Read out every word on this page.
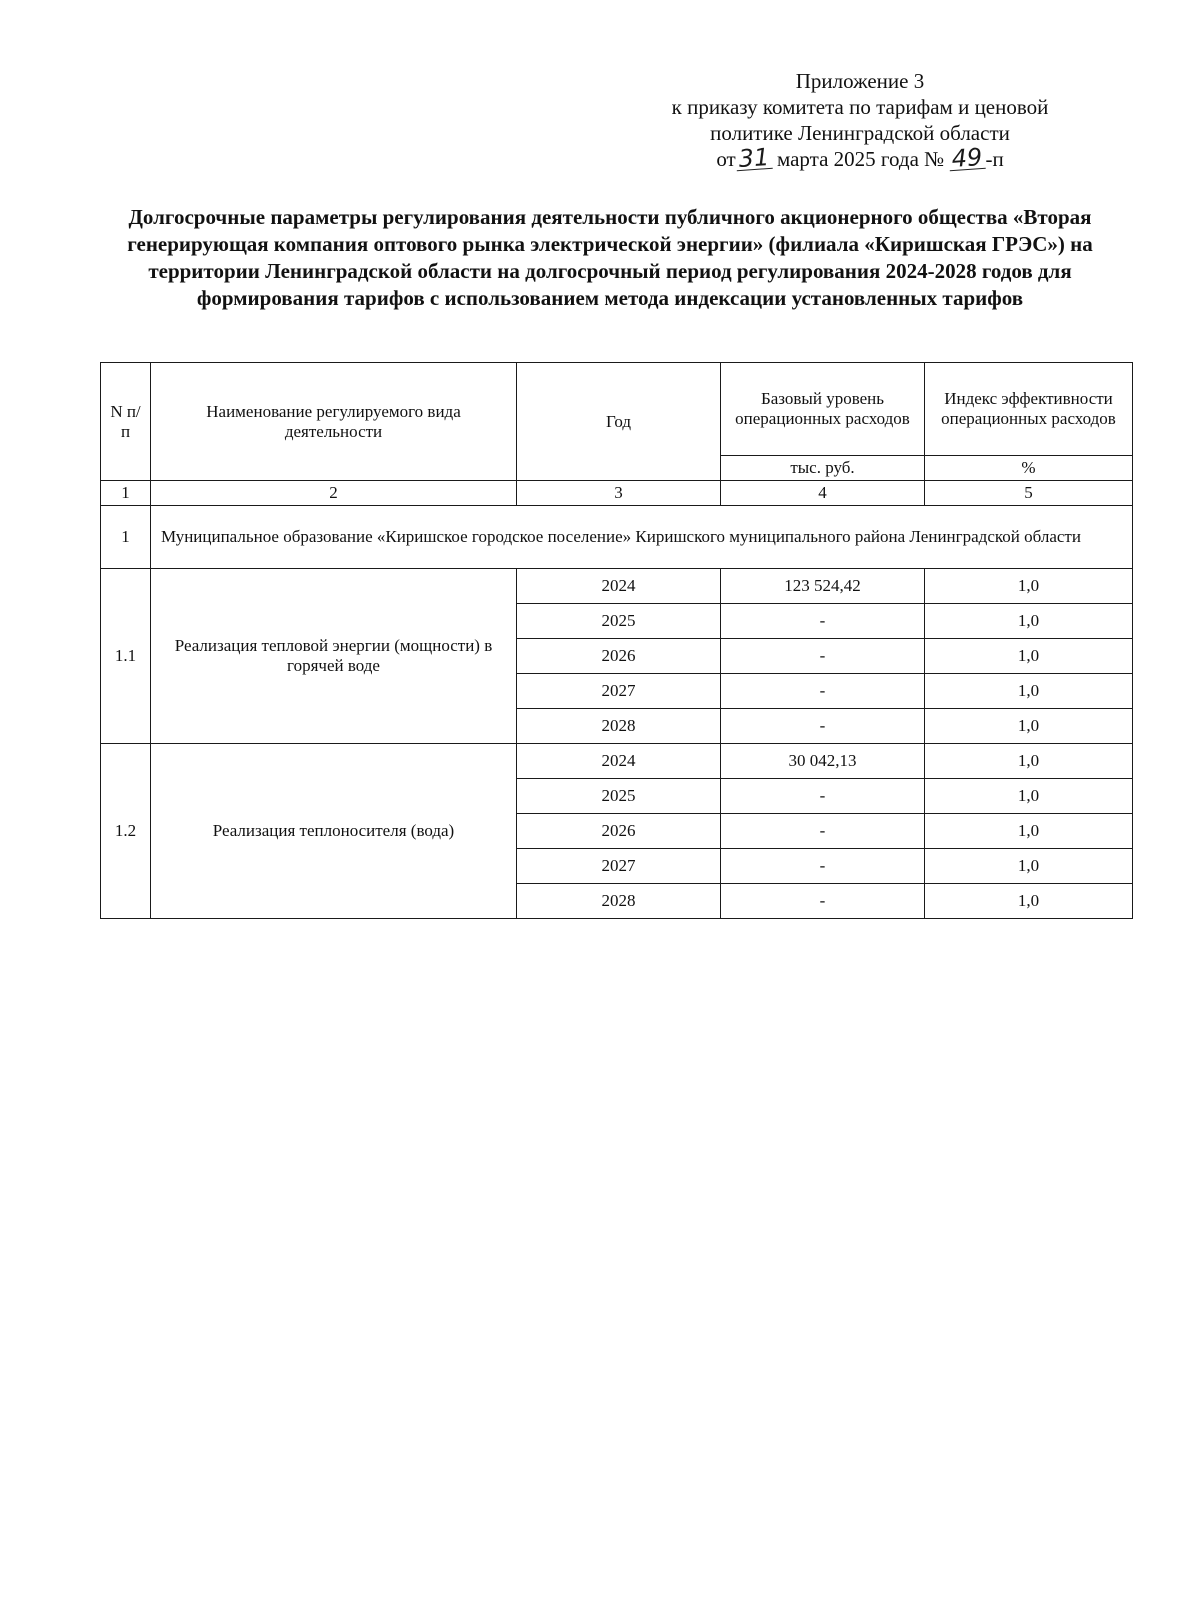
Приложение 3
к приказу комитета по тарифам и ценовой
политике Ленинградской области
от31 марта 2025 года № 49-п
Долгосрочные параметры регулирования деятельности публичного акционерного общества «Вторая генерирующая компания оптового рынка электрической энергии» (филиала «Киришская ГРЭС») на территории Ленинградской области на долгосрочный период регулирования 2024-2028 годов для формирования тарифов с использованием метода индексации установленных тарифов
N п/п	Наименование регулируемого вида деятельности	Год	Базовый уровень операционных расходов	Индекс эффективности операционных расходов
			тыс. руб.	%
1	2	3	4	5
1	Муниципальное образование «Киришское городское поселение» Киришского муниципального района Ленинградской области			
1.1	Реализация тепловой энергии (мощности) в горячей воде	2024	123 524,42	1,0
		2025	-	1,0
		2026	-	1,0
		2027	-	1,0
		2028	-	1,0
1.2	Реализация теплоносителя (вода)	2024	30 042,13	1,0
		2025	-	1,0
		2026	-	1,0
		2027	-	1,0
		2028	-	1,0
